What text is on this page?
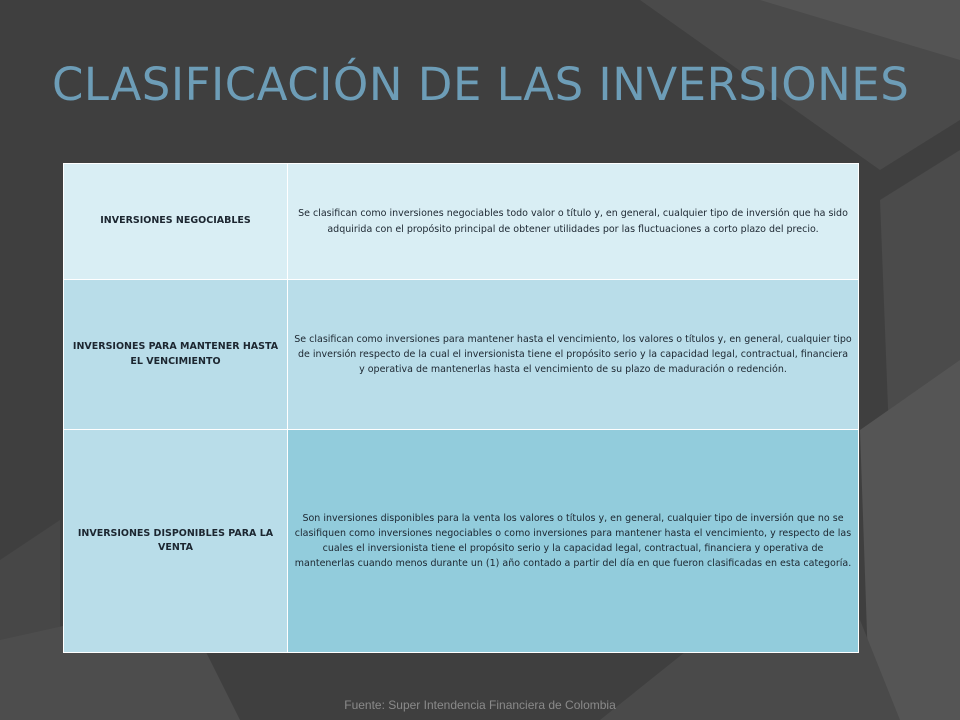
CLASIFICACIÓN DE LAS INVERSIONES
INVERSIONES NEGOCIABLES	Se clasifican como inversiones negociables todo valor o título y, en general, cualquier tipo de inversión que ha sido adquirida con el propósito principal de obtener utilidades por las fluctuaciones a corto plazo del precio.
INVERSIONES PARA MANTENER HASTA EL VENCIMIENTO	Se clasifican como inversiones para mantener hasta el vencimiento, los valores o títulos y, en general, cualquier tipo de inversión respecto de la cual el inversionista tiene el propósito serio y la capacidad legal, contractual, financiera y operativa de mantenerlas hasta el vencimiento de su plazo de maduración o redención.
INVERSIONES DISPONIBLES PARA LA VENTA	Son inversiones disponibles para la venta los valores o títulos y, en general, cualquier tipo de inversión que no se clasifiquen como inversiones negociables o como inversiones para mantener hasta el vencimiento, y respecto de las cuales el inversionista tiene el propósito serio y la capacidad legal, contractual, financiera y operativa de mantenerlas cuando menos durante un (1) año contado a partir del día en que fueron clasificadas en esta categoría.
Fuente: Super Intendencia Financiera de Colombia
